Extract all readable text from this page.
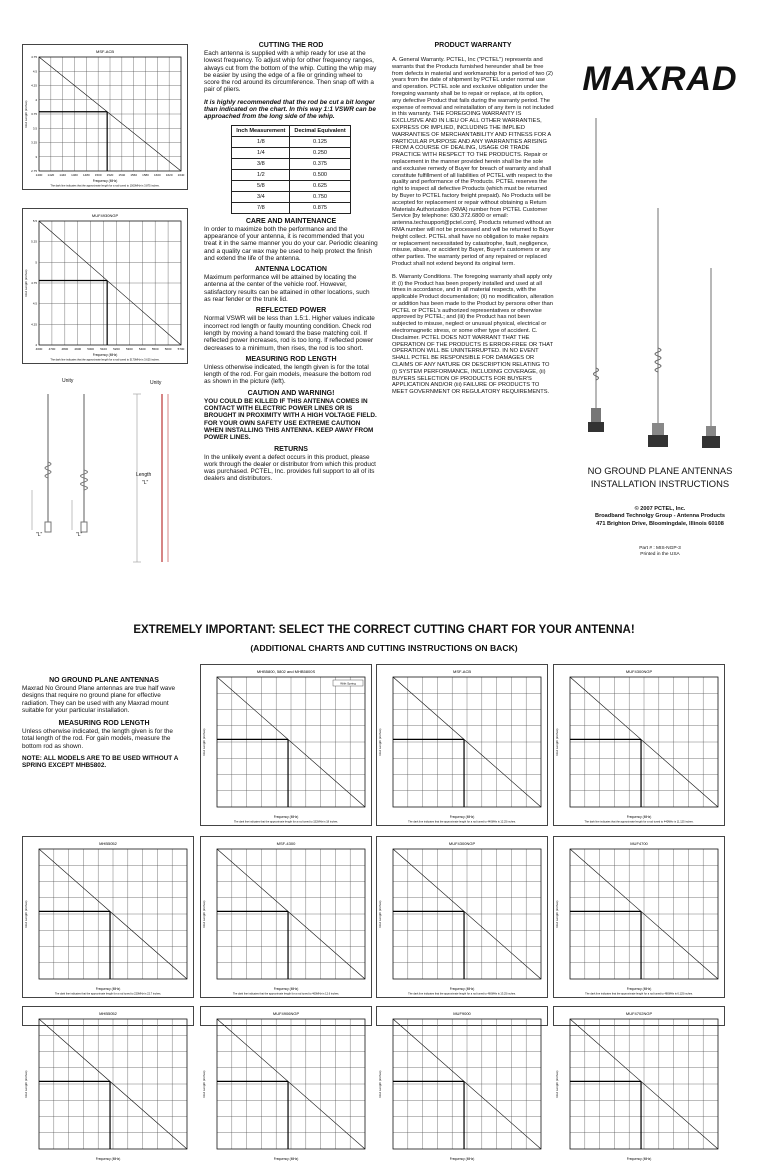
MSF-ACB
1400 1420 1440 1460 1480 1500 1520 1540 1560 1580 1600 1620 1640
4.75
4.5
4.25
4
3.75
3.5
3.25
3
2.75
Rod Length (inches)
Frequency (MHz)
The dark line indicates that the approximate length for a rod tuned to 1500MHz is 3.875 inches.
MUF4930NGP
4600 4700 4800 4900 5000 5100 5200 5300 5400 5500 5600 5700
5.5
5.25
5
4.75
4.5
4.25
4
Rod Length (inches)
Frequency (MHz)
The dark line indicates that the approximate length for a rod tuned to 5170MHz is 3.625 inches.
Unity	Unity
Length
"L"
"L"	"L"
CUTTING THE ROD
Each antenna is supplied with a whip ready for use at the lowest frequency. To adjust whip for other frequency ranges, always cut from the bottom of the whip. Cutting the whip may be easier by using the edge of a file or grinding wheel to score the rod around its circumference. Then snap off with a pair of pliers.
It is highly recommended that the rod be cut a bit longer than indicated on the chart. In this way 1:1 VSWR can be approached from the long side of the whip.
Inch Measurement	Decimal Equivalent
1/8	0.125
1/4	0.250
3/8	0.375
1/2	0.500
5/8	0.625
3/4	0.750
7/8	0.875
CARE AND MAINTENANCE
In order to maximize both the performance and the appearance of your antenna, it is recommended that you treat it in the same manner you do your car. Periodic cleaning and a quality car wax may be used to help protect the finish and extend the life of the antenna.
ANTENNA LOCATION
Maximum performance will be attained by locating the antenna at the center of the vehicle roof. However, satisfactory results can be attained in other locations, such as rear fender or the trunk lid.
REFLECTED POWER
Normal VSWR will be less than 1.5:1. Higher values indicate incorrect rod length or faulty mounting condition. Check rod length by moving a hand toward the base matching coil. If reflected power increases, rod is too long. If reflected power decreases to a minimum, then rises, the rod is too short.
MEASURING ROD LENGTH
Unless otherwise indicated, the length given is for the total length of the rod. For gain models, measure the bottom rod as shown in the picture (left).
CAUTION AND WARNING!
YOU COULD BE KILLED IF THIS ANTENNA COMES IN CONTACT WITH ELECTRIC POWER LINES OR IS BROUGHT IN PROXIMITY WITH A HIGH VOLTAGE FIELD. FOR YOUR OWN SAFETY USE EXTREME CAUTION WHEN INSTALLING THIS ANTENNA. KEEP AWAY FROM POWER LINES.
RETURNS
In the unlikely event a defect occurs in this product, please work through the dealer or distributor from which this product was purchased. PCTEL, Inc. provides full support to all of its dealers and distributors.
PRODUCT WARRANTY
A. General Warranty. PCTEL, Inc ("PCTEL") represents and warrants that the Products furnished hereunder shall be free from defects in material and workmanship for a period of two (2) years from the date of shipment by PCTEL under normal use and operation. PCTEL sole and exclusive obligation under the foregoing warranty shall be to repair or replace, at its option, any defective Product that fails during the warranty period. The expense of removal and reinstallation of any item is not included in this warranty. THE FOREGOING WARRANTY IS EXCLUSIVE AND IN LIEU OF ALL OTHER WARRANTIES, EXPRESS OR IMPLIED, INCLUDING THE IMPLIED WARRANTIES OF MERCHANTABILITY AND FITNESS FOR A PARTICULAR PURPOSE AND ANY WARRANTIES ARISING FROM A COURSE OF DEALING, USAGE OR TRADE PRACTICE WITH RESPECT TO THE PRODUCTS. Repair or replacement in the manner provided herein shall be the sole and exclusive remedy of Buyer for breach of warranty and shall constitute fulfillment of all liabilities of PCTEL with respect to the quality and performance of the Products. PCTEL reserves the right to inspect all defective Products (which must be returned by Buyer to PCTEL factory freight prepaid). No Products will be accepted for replacement or repair without obtaining a Return Materials Authorization (RMA) number from PCTEL Customer Service [by telephone: 630.372.6800 or email: antenna.techsupport@pctel.com]. Products returned without an RMA number will not be processed and will be returned to Buyer freight collect. PCTEL shall have no obligation to make repairs or replacement necessitated by catastrophe, fault, negligence, misuse, abuse, or accident by Buyer, Buyer's customers or any other parties. The warranty period of any repaired or replaced Product shall not extend beyond its original term.
B. Warranty Conditions. The foregoing warranty shall apply only if: (i) the Product has been properly installed and used at all times in accordance, and in all material respects, with the applicable Product documentation; (ii) no modification, alteration or addition has been made to the Product by persons other than PCTEL or PCTEL's authorized representatives or otherwise approved by PCTEL; and (iii) the Product has not been subjected to misuse, neglect or unusual physical, electrical or electromagnetic stress, or some other type of accident. C. Disclaimer. PCTEL DOES NOT WARRANT THAT THE OPERATION OF THE PRODUCTS IS ERROR-FREE OR THAT OPERATION WILL BE UNINTERRUPTED. IN NO EVENT SHALL PCTEL BE RESPONSIBLE FOR DAMAGES OR CLAIMS OF ANY NATURE OR DESCRIPTION RELATING TO (i) SYSTEM PERFORMANCE, INCLUDING COVERAGE, (ii) BUYERS SELECTION OF PRODUCTS FOR BUYER'S APPLICATION AND/OR (iii) FAILURE OF PRODUCTS TO MEET GOVERNMENT OR REGULATORY REQUIREMENTS.
MAXRAD
NO GROUND PLANE ANTENNAS
INSTALLATION INSTRUCTIONS
© 2007 PCTEL, Inc.
Broadband Technolgy Group - Antenna Products
471 Brighton Drive, Bloomingdale, Illinois 60108
Part # : MIS-NGP-3
Printed in the USA
EXTREMELY IMPORTANT: SELECT THE CORRECT CUTTING CHART FOR YOUR ANTENNA!
(ADDITIONAL CHARTS AND CUTTING INSTRUCTIONS ON BACK)
NO GROUND PLANE ANTENNAS
Maxrad No Ground Plane antennas are true half wave designs that require no ground plane for effective radiation. They can be used with any Maxrad mount suitable for your particular installation.
MEASURING ROD LENGTH
Unless otherwise indicated, the length given is for the total length of the rod. For gain models, measure the bottom rod as shown.
NOTE: ALL MODELS ARE TO BE USED WITHOUT A SPRING EXCEPT MHB5802.
MHB5800, 5802 and MHB5800S
Rod Length (inches)
Frequency (MHz)
The dark line indicates that the approximate length for a rod tuned to 152MHz is 18 inches.
With Spring
MSF-ACB
Rod Length (inches)
Frequency (MHz)
The dark line indicates that the approximate length for a rod tuned to 440MHz is 12.25 inches.
MUF4300NGP
Rod Length (inches)
Frequency (MHz)
The dark line indicates that the approximate length for a rod tuned to 440MHz is 11.125 inches.
MHB5052
Rod Length (inches)
Frequency (MHz)
The dark line indicates that the approximate length for a rod tuned to 220MHz is 22.7 inches.
MSF-4300
Rod Length (inches)
Frequency (MHz)
The dark line indicates that the approximate length for a rod tuned to 460MHz is 12.6 inches.
MUF4300NGP
Rod Length (inches)
Frequency (MHz)
The dark line indicates that the approximate length for a rod tuned to 460MHz is 13.25 inches.
MUF4700
Rod Length (inches)
Frequency (MHz)
The dark line indicates that the approximate length for a rod tuned to 480MHz is 6.125 inches.
MHB5052
Rod Length (inches)
Frequency (MHz)
MUF4906NGP
Rod Length (inches)
Frequency (MHz)
MUF9000
Rod Length (inches)
Frequency (MHz)
MUF4702NGP
Rod Length (inches)
Frequency (MHz)
